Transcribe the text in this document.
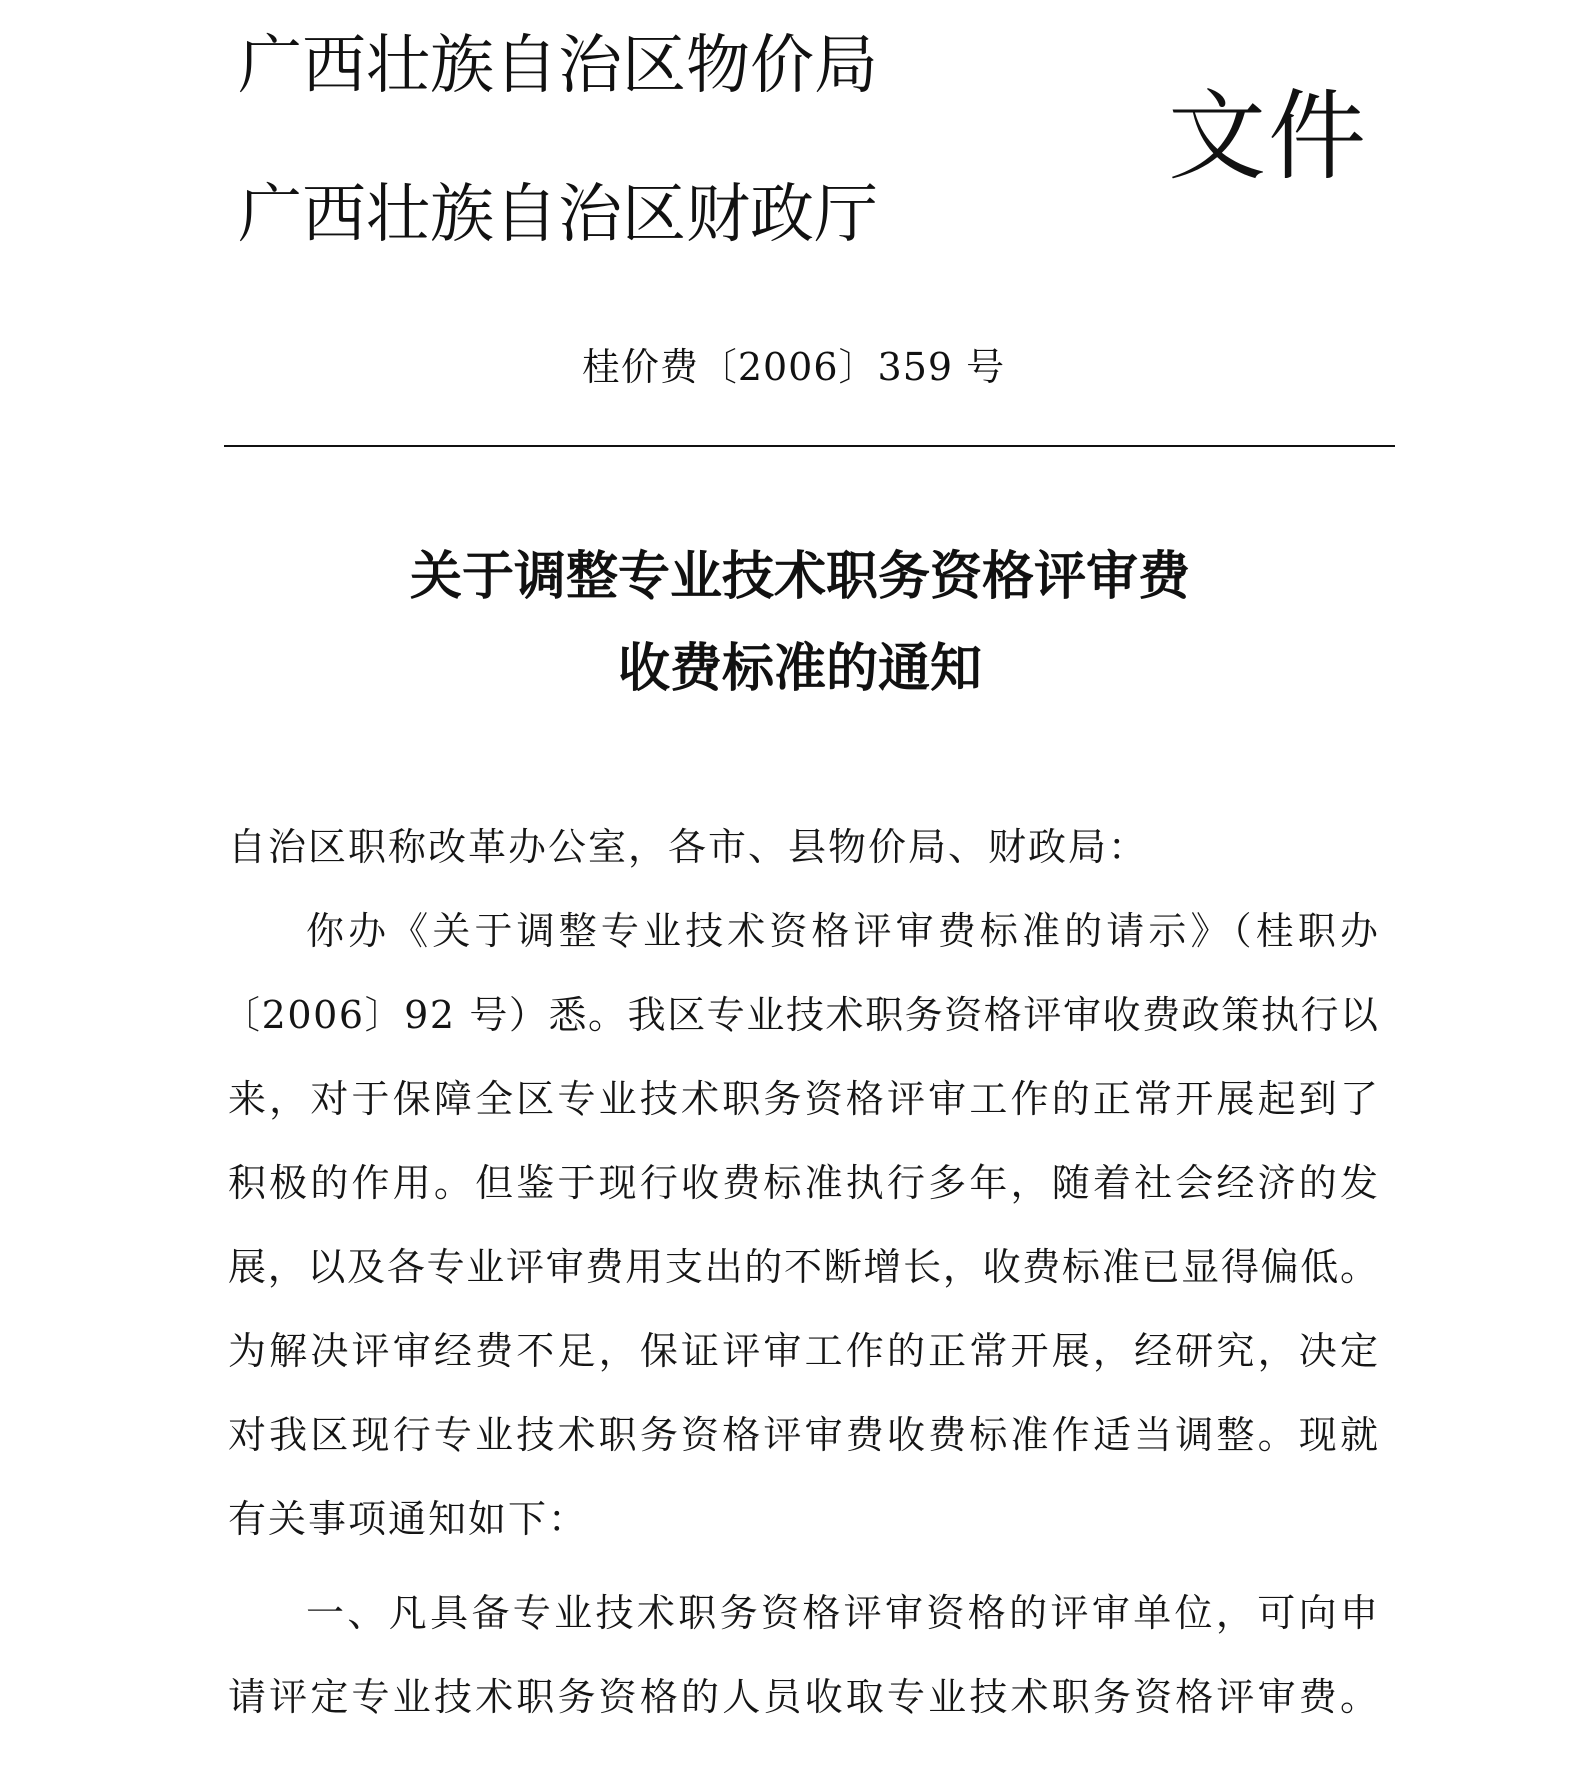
广西壮族自治区物价局
广西壮族自治区财政厅
文件
桂价费〔2006〕359 号
关于调整专业技术职务资格评审费
收费标准的通知
自治区职称改革办公室，各市、县物价局、财政局：
你办《关于调整专业技术资格评审费标准的请示》（桂职办
〔2006〕92 号）悉。我区专业技术职务资格评审收费政策执行以
来，对于保障全区专业技术职务资格评审工作的正常开展起到了
积极的作用。但鉴于现行收费标准执行多年，随着社会经济的发
展，以及各专业评审费用支出的不断增长，收费标准已显得偏低。
为解决评审经费不足，保证评审工作的正常开展，经研究，决定
对我区现行专业技术职务资格评审费收费标准作适当调整。现就
有关事项通知如下：
一、凡具备专业技术职务资格评审资格的评审单位，可向申
请评定专业技术职务资格的人员收取专业技术职务资格评审费。
